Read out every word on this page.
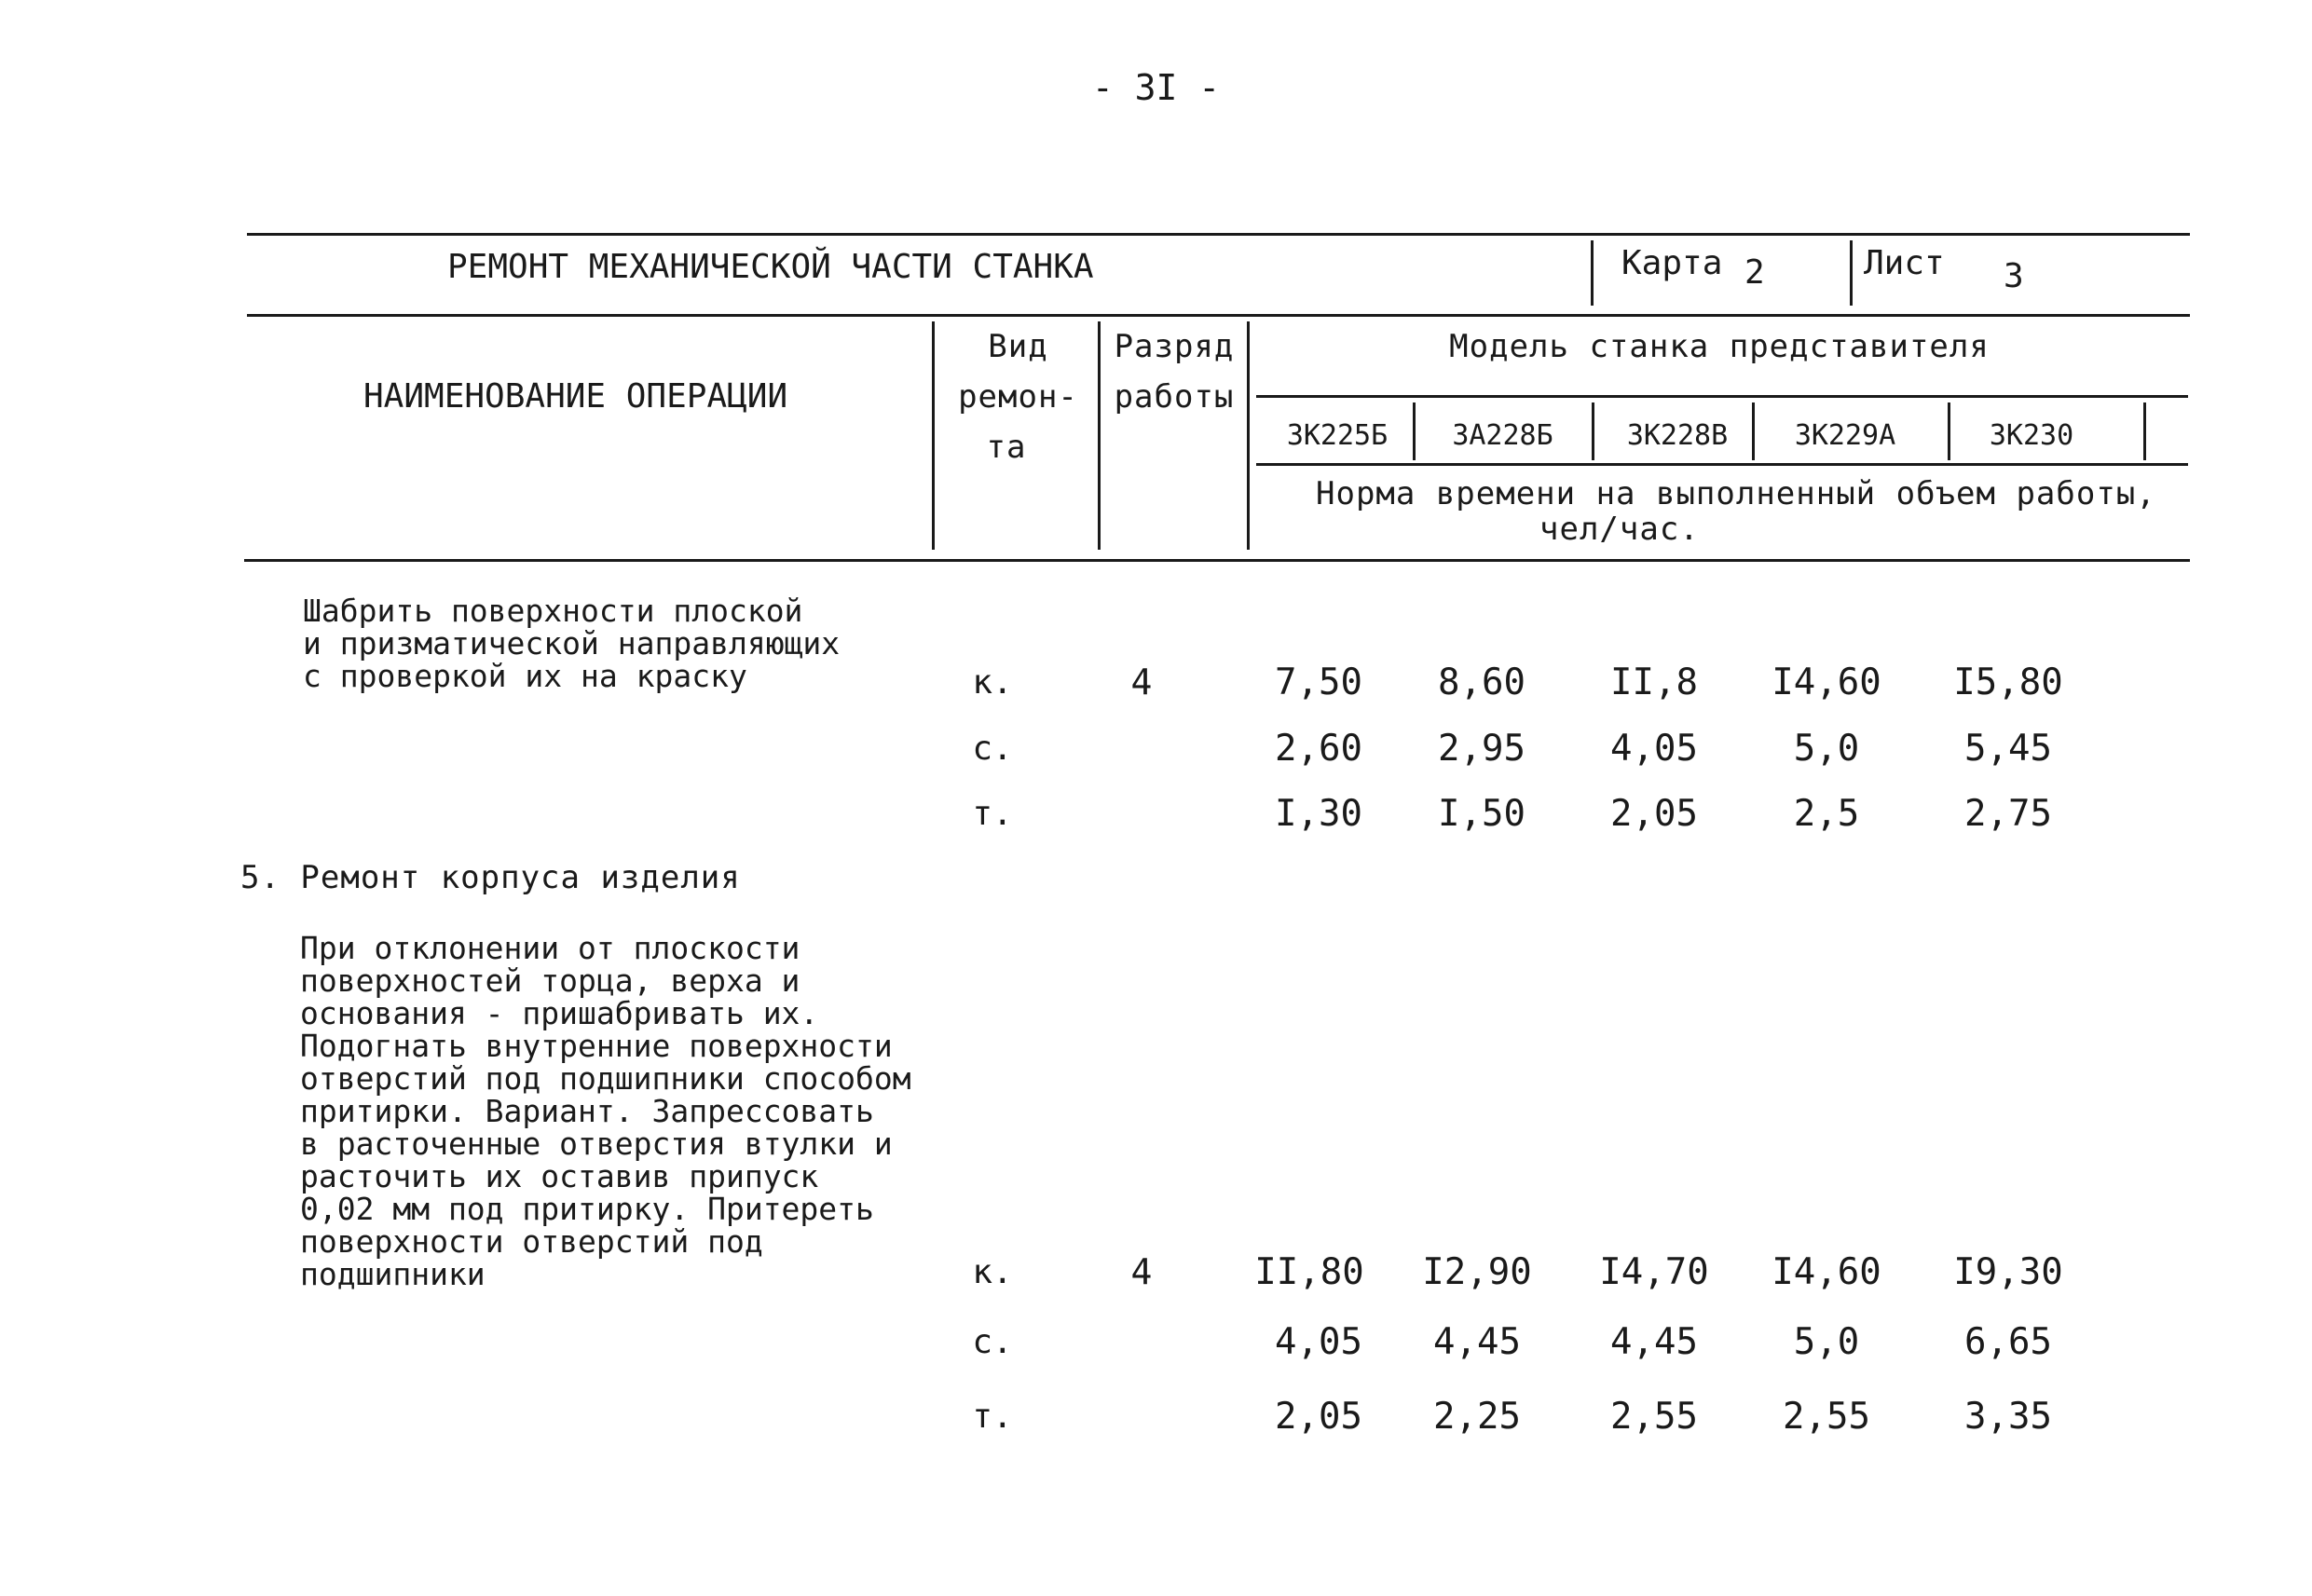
- 3I -
РЕМОНТ МЕХАНИЧЕСКОЙ ЧАСТИ СТАНКА	Карта 2	Лист 3
НАИМЕНОВАНИЕ ОПЕРАЦИИ
Вид
ремон-
та
Разряд
работы
Модель станка представителя
3К225Б	3А228Б	3К228В	3К229А	3К230
Норма времени на выполненный объем работы,
чел/час.
Шабрить поверхности плоской
и призматической направляющих
с проверкой их на краску	к.	4	7,50	8,60	II,8	I4,60	I5,80
с.	2,60	2,95	4,05	5,0	5,45
т.	I,30	I,50	2,05	2,5	2,75
5. Ремонт корпуса изделия
При отклонении от плоскости
поверхностей торца, верха и
основания - пришабривать их.
Подогнать внутренние поверхности
отверстий под подшипники способом
притирки. Вариант. Запрессовать
в расточенные отверстия втулки и
расточить их оставив припуск
0,02 мм под притирку. Притереть
поверхности отверстий под
подшипники	к.	4	II,80	I2,90	I4,70	I4,60	I9,30
с.	4,05	4,45	4,45	5,0	6,65
т.	2,05	2,25	2,55	2,55	3,35
